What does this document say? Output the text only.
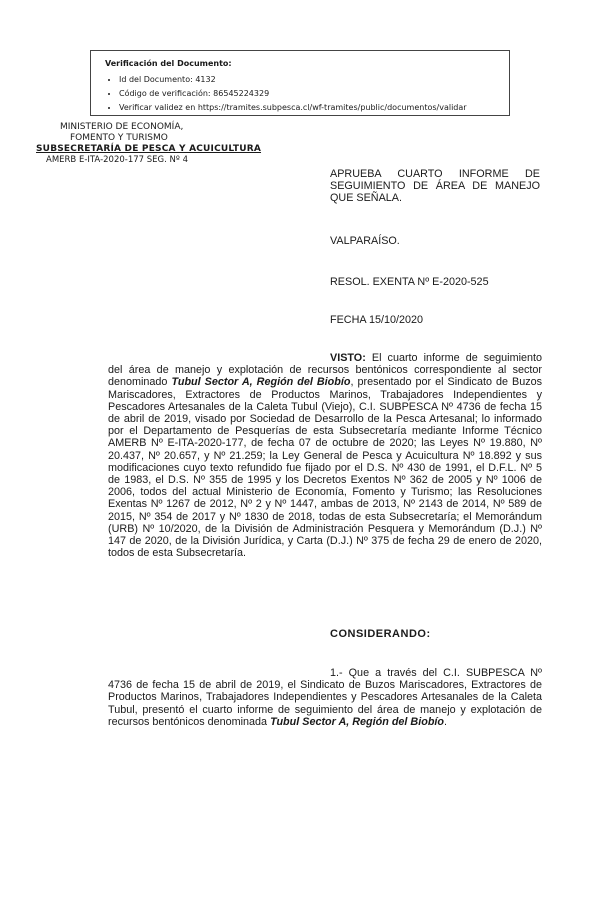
Verificación del Documento:
• Id del Documento: 4132
• Código de verificación: 86545224329
• Verificar validez en https://tramites.subpesca.cl/wf-tramites/public/documentos/validar
MINISTERIO DE ECONOMÍA,
FOMENTO Y TURISMO
SUBSECRETARÍA DE PESCA Y ACUICULTURA
AMERB E-ITA-2020-177 SEG. Nº 4
APRUEBA CUARTO INFORME DE SEGUIMIENTO DE ÁREA DE MANEJO QUE SEÑALA.
VALPARAÍSO.
RESOL. EXENTA Nº E-2020-525
FECHA 15/10/2020
VISTO: El cuarto informe de seguimiento del área de manejo y explotación de recursos bentónicos correspondiente al sector denominado Tubul Sector A, Región del Biobío, presentado por el Sindicato de Buzos Mariscadores, Extractores de Productos Marinos, Trabajadores Independientes y Pescadores Artesanales de la Caleta Tubul (Viejo), C.I. SUBPESCA Nº 4736 de fecha 15 de abril de 2019, visado por Sociedad de Desarrollo de la Pesca Artesanal; lo informado por el Departamento de Pesquerías de esta Subsecretaría mediante Informe Técnico AMERB Nº E-ITA-2020-177, de fecha 07 de octubre de 2020; las Leyes Nº 19.880, Nº 20.437, Nº 20.657, y Nº 21.259; la Ley General de Pesca y Acuicultura Nº 18.892 y sus modificaciones cuyo texto refundido fue fijado por el D.S. Nº 430 de 1991, el D.F.L. Nº 5 de 1983, el D.S. Nº 355 de 1995 y los Decretos Exentos Nº 362 de 2005 y Nº 1006 de 2006, todos del actual Ministerio de Economía, Fomento y Turismo; las Resoluciones Exentas Nº 1267 de 2012, Nº 2 y Nº 1447, ambas de 2013, Nº 2143 de 2014, Nº 589 de 2015, Nº 354 de 2017 y Nº 1830 de 2018, todas de esta Subsecretaría; el Memorándum (URB) Nº 10/2020, de la División de Administración Pesquera y Memorándum (D.J.) Nº 147 de 2020, de la División Jurídica, y Carta (D.J.) Nº 375 de fecha 29 de enero de 2020, todos de esta Subsecretaría.
CONSIDERANDO:
1.- Que a través del C.I. SUBPESCA Nº 4736 de fecha 15 de abril de 2019, el Sindicato de Buzos Mariscadores, Extractores de Productos Marinos, Trabajadores Independientes y Pescadores Artesanales de la Caleta Tubul, presentó el cuarto informe de seguimiento del área de manejo y explotación de recursos bentónicos denominada Tubul Sector A, Región del Biobío.
